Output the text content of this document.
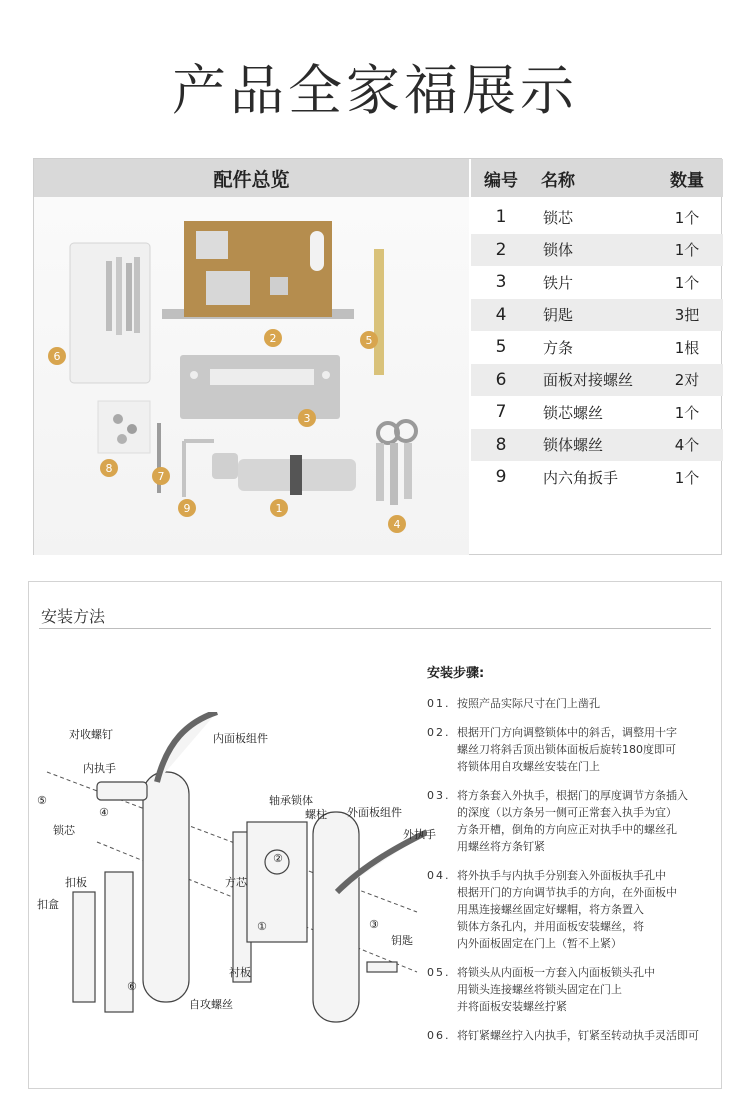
产品全家福展示
配件总览
1
2
3
4
5
6
7
8
9
编号	名称	数量
1	锁芯	1个
2	锁体	1个
3	铁片	1个
4	钥匙	3把
5	方条	1根
6	面板对接螺丝	2对
7	锁芯螺丝	1个
8	锁体螺丝	4个
9	内六角扳手	1个
安装方法
对收螺钉
内执手
内面板组件
锁芯
扣板
扣盒
轴承锁体
螺柱 外面板组件
外执手
方芯
衬板
自攻螺丝
钥匙
⑤
④
②
①	③
⑥
安装步骤:
01. 按照产品实际尺寸在门上凿孔
02. 根据开门方向调整锁体中的斜舌，调整用十字
螺丝刀将斜舌顶出锁体面板后旋转180度即可
将锁体用自攻螺丝安装在门上
03. 将方条套入外执手，根据门的厚度调节方条插入
的深度（以方条另一侧可正常套入执手为宜）
方条开槽，倒角的方向应正对执手中的螺丝孔
用螺丝将方条钉紧
04. 将外执手与内执手分别套入外面板执手孔中
根据开门的方向调节执手的方向，在外面板中
用黑连接螺丝固定好螺帽，将方条置入
锁体方条孔内，并用面板安装螺丝，将
内外面板固定在门上（暂不上紧）
05. 将锁头从内面板一方套入内面板锁头孔中
用锁头连接螺丝将锁头固定在门上
并将面板安装螺丝拧紧
06. 将钉紧螺丝拧入内执手，钉紧至转动执手灵活即可
